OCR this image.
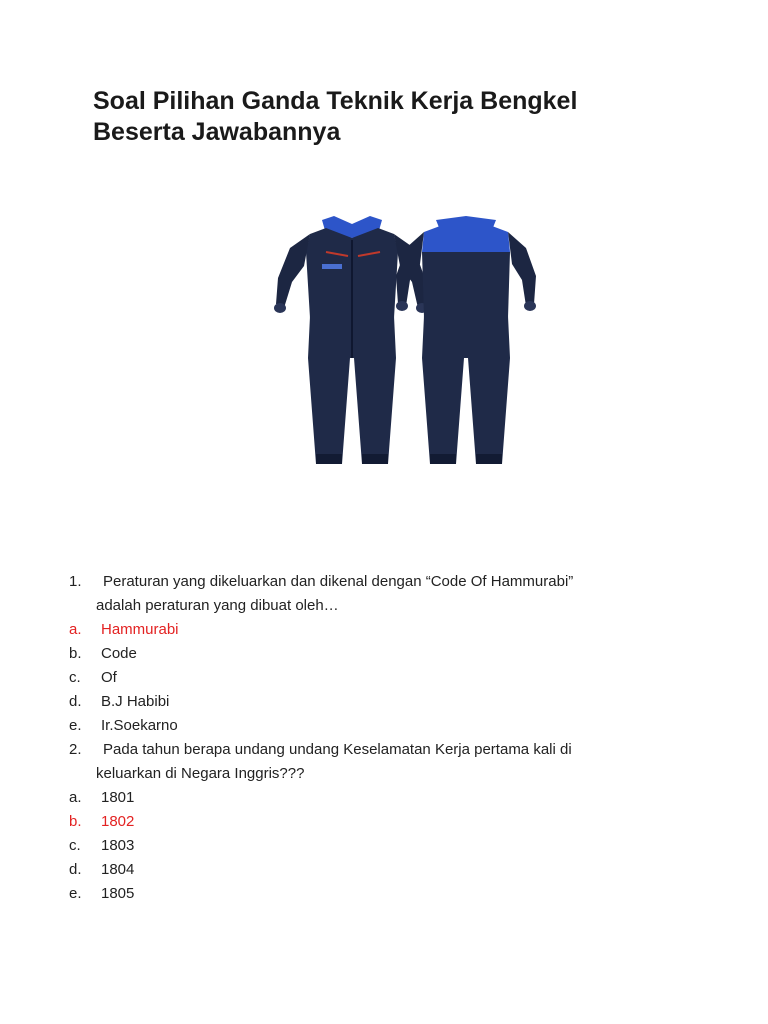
Soal Pilihan Ganda Teknik Kerja Bengkel
Beserta Jawabannya
1. Peraturan yang dikeluarkan dan dikenal dengan “Code Of Hammurabi”
adalah peraturan yang dibuat oleh…
a. Hammurabi
b. Code
c. Of
d. B.J Habibi
e. Ir.Soekarno
2. Pada tahun berapa undang undang Keselamatan Kerja pertama kali di
keluarkan di Negara Inggris???
a. 1801
b. 1802
c. 1803
d. 1804
e. 1805
